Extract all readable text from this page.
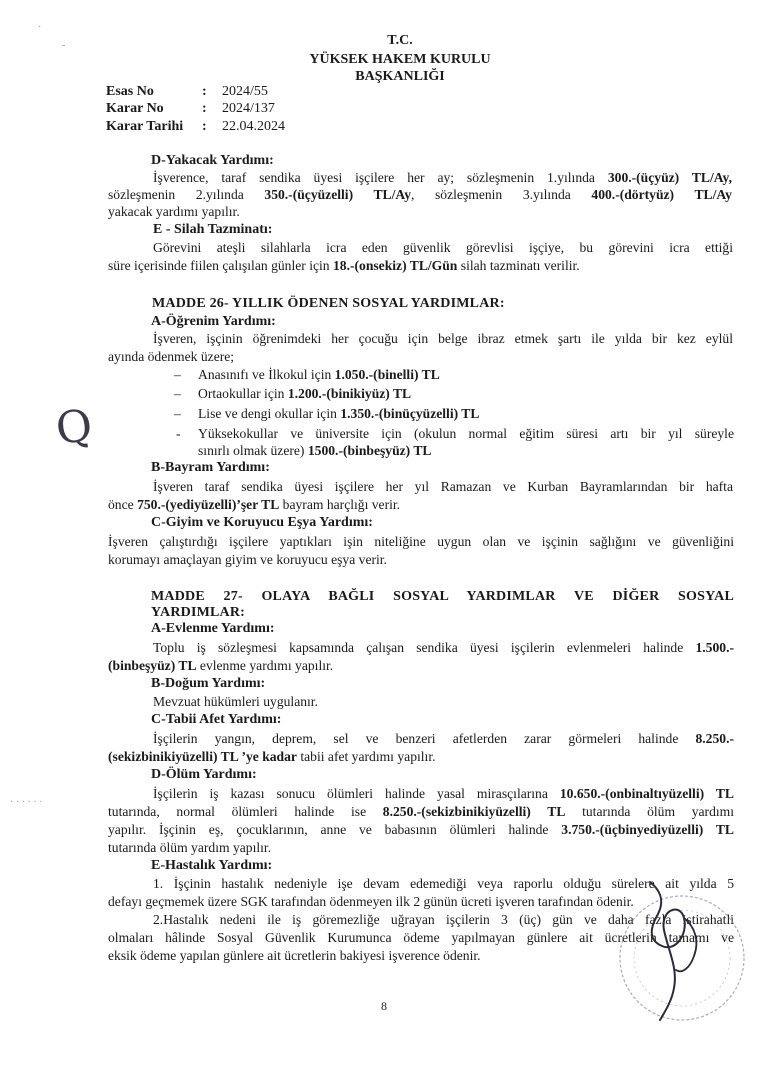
·
-
· · · · · ·
T.C.
YÜKSEK HAKEM KURULU
BAŞKANLIĞI
Esas No	: 2024/55
Karar No	: 2024/137
Karar Tarihi : 22.04.2024
D-Yakacak Yardımı:
İşverence, taraf sendika üyesi işçilere her ay; sözleşmenin 1.yılında 300.-(üçyüz) TL/Ay,
sözleşmenin 2.yılında 350.-(üçyüzelli) TL/Ay, sözleşmenin 3.yılında 400.-(dörtyüz) TL/Ay
yakacak yardımı yapılır.
E - Silah Tazminatı:
Görevini ateşli silahlarla icra eden güvenlik görevlisi işçiye, bu görevini icra ettiği
süre içerisinde fiilen çalışılan günler için 18.-(onsekiz) TL/Gün silah tazminatı verilir.
MADDE 26- YILLIK ÖDENEN SOSYAL YARDIMLAR:
A-Öğrenim Yardımı:
İşveren, işçinin öğrenimdeki her çocuğu için belge ibraz etmek şartı ile yılda bir kez eylül
ayında ödenmek üzere;
– Anasınıfı ve İlkokul için 1.050.-(binelli) TL
– Ortaokullar için 1.200.-(binikiyüz) TL
– Lise ve dengi okullar için 1.350.-(binüçyüzelli) TL
- Yüksekokullar ve üniversite için (okulun normal eğitim süresi artı bir yıl süreyle
sınırlı olmak üzere) 1500.-(binbeşyüz) TL
B-Bayram Yardımı:
İşveren taraf sendika üyesi işçilere her yıl Ramazan ve Kurban Bayramlarından bir hafta
önce 750.-(yediyüzelli)’şer TL bayram harçlığı verir.
C-Giyim ve Koruyucu Eşya Yardımı:
İşveren çalıştırdığı işçilere yaptıkları işin niteliğine uygun olan ve işçinin sağlığını ve güvenliğini
korumayı amaçlayan giyim ve koruyucu eşya verir.
MADDE 27- OLAYA BAĞLI SOSYAL YARDIMLAR VE DİĞER SOSYAL
YARDIMLAR:
A-Evlenme Yardımı:
Toplu iş sözleşmesi kapsamında çalışan sendika üyesi işçilerin evlenmeleri halinde 1.500.-
(binbeşyüz) TL evlenme yardımı yapılır.
B-Doğum Yardımı:
Mevzuat hükümleri uygulanır.
C-Tabii Afet Yardımı:
İşçilerin yangın, deprem, sel ve benzeri afetlerden zarar görmeleri halinde 8.250.-
(sekizbinikiyüzelli) TL ’ye kadar tabii afet yardımı yapılır.
D-Ölüm Yardımı:
İşçilerin iş kazası sonucu ölümleri halinde yasal mirasçılarına 10.650.-(onbinaltıyüzelli) TL
tutarında, normal ölümleri halinde ise 8.250.-(sekizbinikiyüzelli) TL tutarında ölüm yardımı
yapılır. İşçinin eş, çocuklarının, anne ve babasının ölümleri halinde 3.750.-(üçbinyediyüzelli) TL
tutarında ölüm yardım yapılır.
E-Hastalık Yardımı:
1. İşçinin hastalık nedeniyle işe devam edemediği veya raporlu olduğu sürelere ait yılda 5
defayı geçmemek üzere SGK tarafından ödenmeyen ilk 2 günün ücreti işveren tarafından ödenir.
2.Hastalık nedeni ile iş göremezliğe uğrayan işçilerin 3 (üç) gün ve daha fazla istirahatli
olmaları hâlinde Sosyal Güvenlik Kurumunca ödeme yapılmayan günlere ait ücretlerin tamamı ve
eksik ödeme yapılan günlere ait ücretlerin bakiyesi işverence ödenir.
8
Q
